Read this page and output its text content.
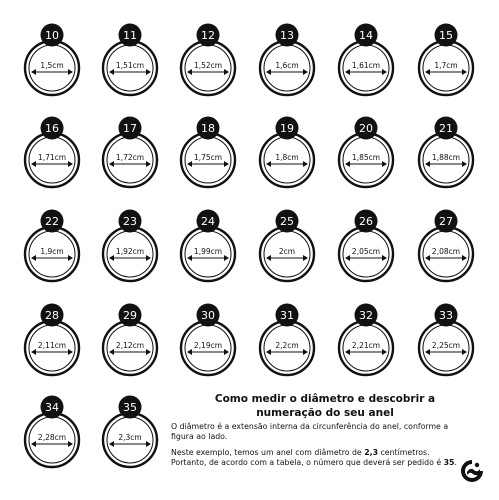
10
1,5cm
11
1,51cm
12
1,52cm
13
1,6cm
14
1,61cm
15
1,7cm
16
1,71cm
17
1,72cm
18
1,75cm
19
1,8cm
20
1,85cm
21
1,88cm
22
1,9cm
23
1,92cm
24
1,99cm
25
2cm
26
2,05cm
27
2,08cm
28
2,11cm
29
2,12cm
30
2,19cm
31
2,2cm
32
2,21cm
33
2,25cm
34
2,28cm
35
2,3cm
Como medir o diâmetro e descobrir a
numeração do seu anel

O diâmetro é a extensão interna da circunferência do anel, conforme a figura ao lado.

Neste exemplo, temos um anel com diâmetro de 2,3 centímetros. Portanto, de acordo com a tabela, o número que deverá ser pedido é 35.
